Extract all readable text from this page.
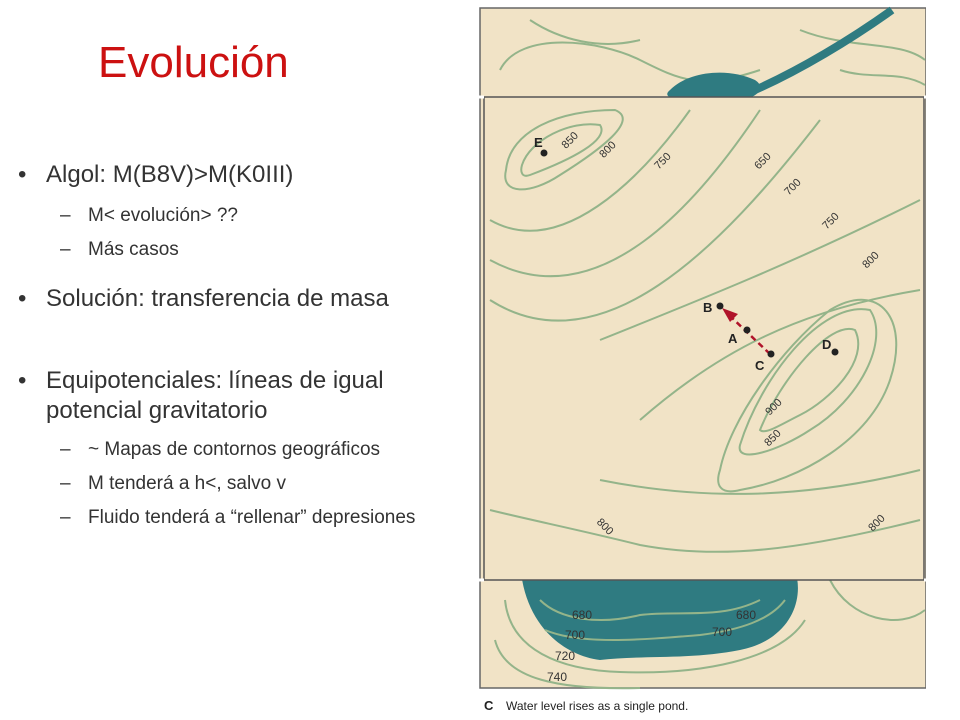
Evolución
• Algol: M(B8V)>M(K0III)
– M< evolución> ??
– Más casos
• Solución: transferencia de masa
• Equipotenciales: líneas de igual potencial gravitatorio
– ~ Mapas de contornos geográficos
– M tenderá a h<, salvo v
– Fluido tenderá a “rellenar” depresiones
850 800
750	650
700
750
800
900
850
800	800
680	680
700	700
720
740
E
B
A
C
D
C Water level rises as a single pond.
